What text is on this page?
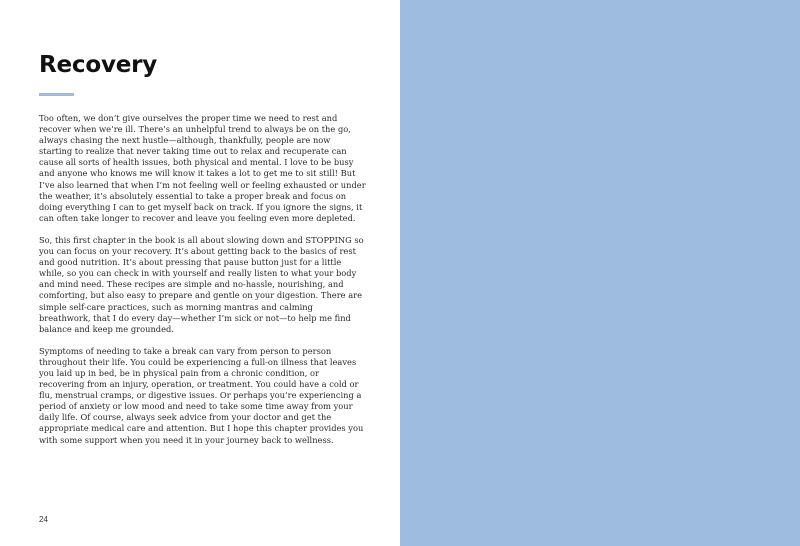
Recovery

Too often, we don’t give ourselves the proper time we need to rest and recover when we’re ill. There’s an unhelpful trend to always be on the go, always chasing the next hustle—although, thankfully, people are now starting to realize that never taking time out to relax and recuperate can cause all sorts of health issues, both physical and mental. I love to be busy and anyone who knows me will know it takes a lot to get me to sit still! But I’ve also learned that when I’m not feeling well or feeling exhausted or under the weather, it’s absolutely essential to take a proper break and focus on doing everything I can to get myself back on track. If you ignore the signs, it can often take longer to recover and leave you feeling even more depleted.

So, this first chapter in the book is all about slowing down and STOPPING so you can focus on your recovery. It’s about getting back to the basics of rest and good nutrition. It’s about pressing that pause button just for a little while, so you can check in with yourself and really listen to what your body and mind need. These recipes are simple and no-hassle, nourishing, and comforting, but also easy to prepare and gentle on your digestion. There are simple self-care practices, such as morning mantras and calming breathwork, that I do every day—whether I’m sick or not—to help me find balance and keep me grounded.

Symptoms of needing to take a break can vary from person to person throughout their life. You could be experiencing a full-on illness that leaves you laid up in bed, be in physical pain from a chronic condition, or recovering from an injury, operation, or treatment. You could have a cold or flu, menstrual cramps, or digestive issues. Or perhaps you’re experiencing a period of anxiety or low mood and need to take some time away from your daily life. Of course, always seek advice from your doctor and get the appropriate medical care and attention. But I hope this chapter provides you with some support when you need it in your journey back to wellness.

24
